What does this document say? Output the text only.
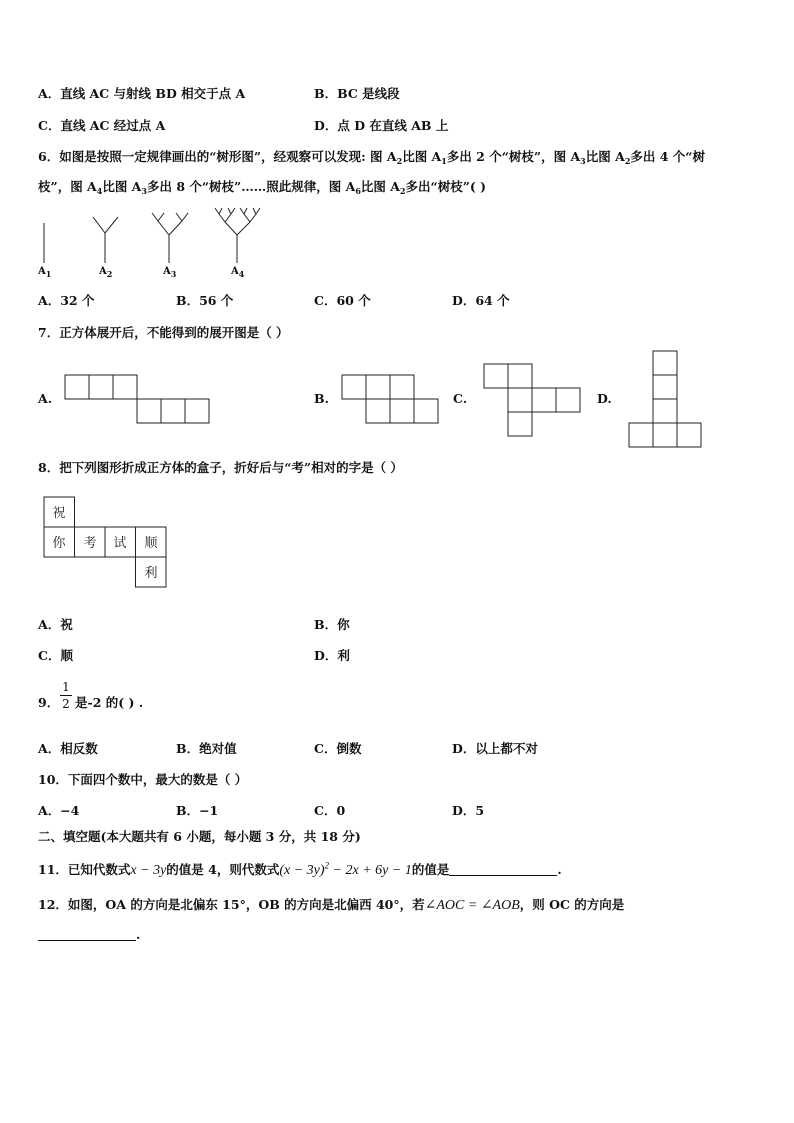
A．直线 AC 与射线 BD 相交于点 A	B．BC 是线段
C．直线 AC 经过点 A	D．点 D 在直线 AB 上
6．如图是按照一定规律画出的“树形图”，经观察可以发现: 图 $A_2$比图 $A_1$多出 2 个“树枝”，图 $A_3$比图 $A_2$多出 4 个“树
枝”，图 $A_4$比图 $A_3$多出 8 个“树枝”……照此规律，图 $A_6$比图 $A_2$多出“树枝”( )
$A_1$	$A_2$	$A_3$	$A_4$
A．32 个	B．56 个	C．60 个	D．64 个
7．正方体展开后，不能得到的展开图是（ ）
A.	B.	C.	D.
8．把下列图形折成正方体的盒子，折好后与“考”相对的字是（ ）
祝
你 考 试 顺
利
A．祝	B．你
C．顺	D．利
9．
1
2 是-2 的( ) .
A．相反数	B．绝对值	C．倒数	D．以上都不对
10．下面四个数中，最大的数是（ ）
A．−4	B．−1	C．0	D．5
二、填空题(本大题共有 6 小题，每小题 3 分，共 18 分)
11．已知代数式x − 3y的值是 4，则代数式$(x - 3y)^2 - 2x + 6y - 1$的值是	.
12．如图，OA 的方向是北偏东 15°，OB 的方向是北偏西 40°，若∠AOC = ∠AOB，则 OC 的方向是
.
